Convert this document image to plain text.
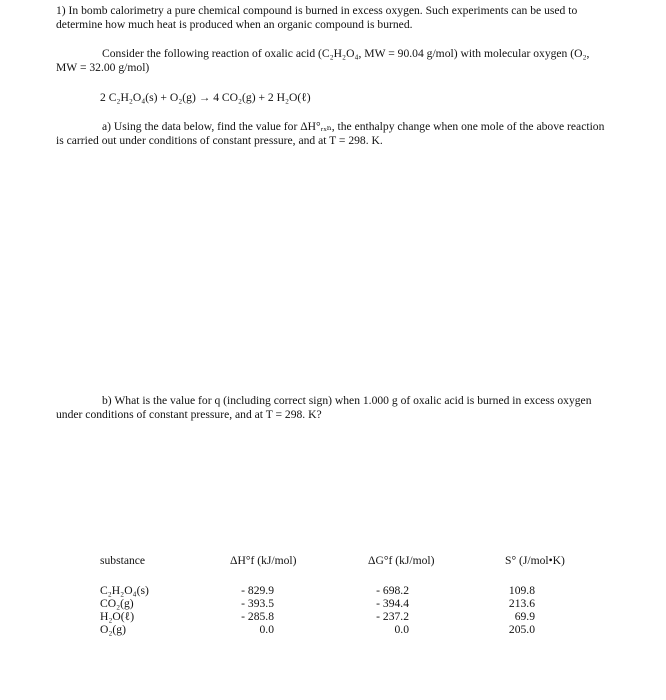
1) In bomb calorimetry a pure chemical compound is burned in excess oxygen. Such experiments can be used to determine how much heat is produced when an organic compound is burned.

Consider the following reaction of oxalic acid (C₂H₂O₄, MW = 90.04 g/mol) with molecular oxygen (O₂, MW = 32.00 g/mol)

2 C₂H₂O₄(s) + O₂(g) → 4 CO₂(g) + 2 H₂O(ℓ)

a) Using the data below, find the value for ΔH°ᵣₓₙ, the enthalpy change when one mole of the above reaction is carried out under conditions of constant pressure, and at T = 298. K.

b) What is the value for q (including correct sign) when 1.000 g of oxalic acid is burned in excess oxygen under conditions of constant pressure, and at T = 298. K?

substance	ΔH°f (kJ/mol)	ΔG°f (kJ/mol)	S° (J/mol•K)
C₂H₂O₄(s)	- 829.9	- 698.2	109.8
CO₂(g)	- 393.5	- 394.4	213.6
H₂O(ℓ)	- 285.8	- 237.2	69.9
O₂(g)	0.0	0.0	205.0
